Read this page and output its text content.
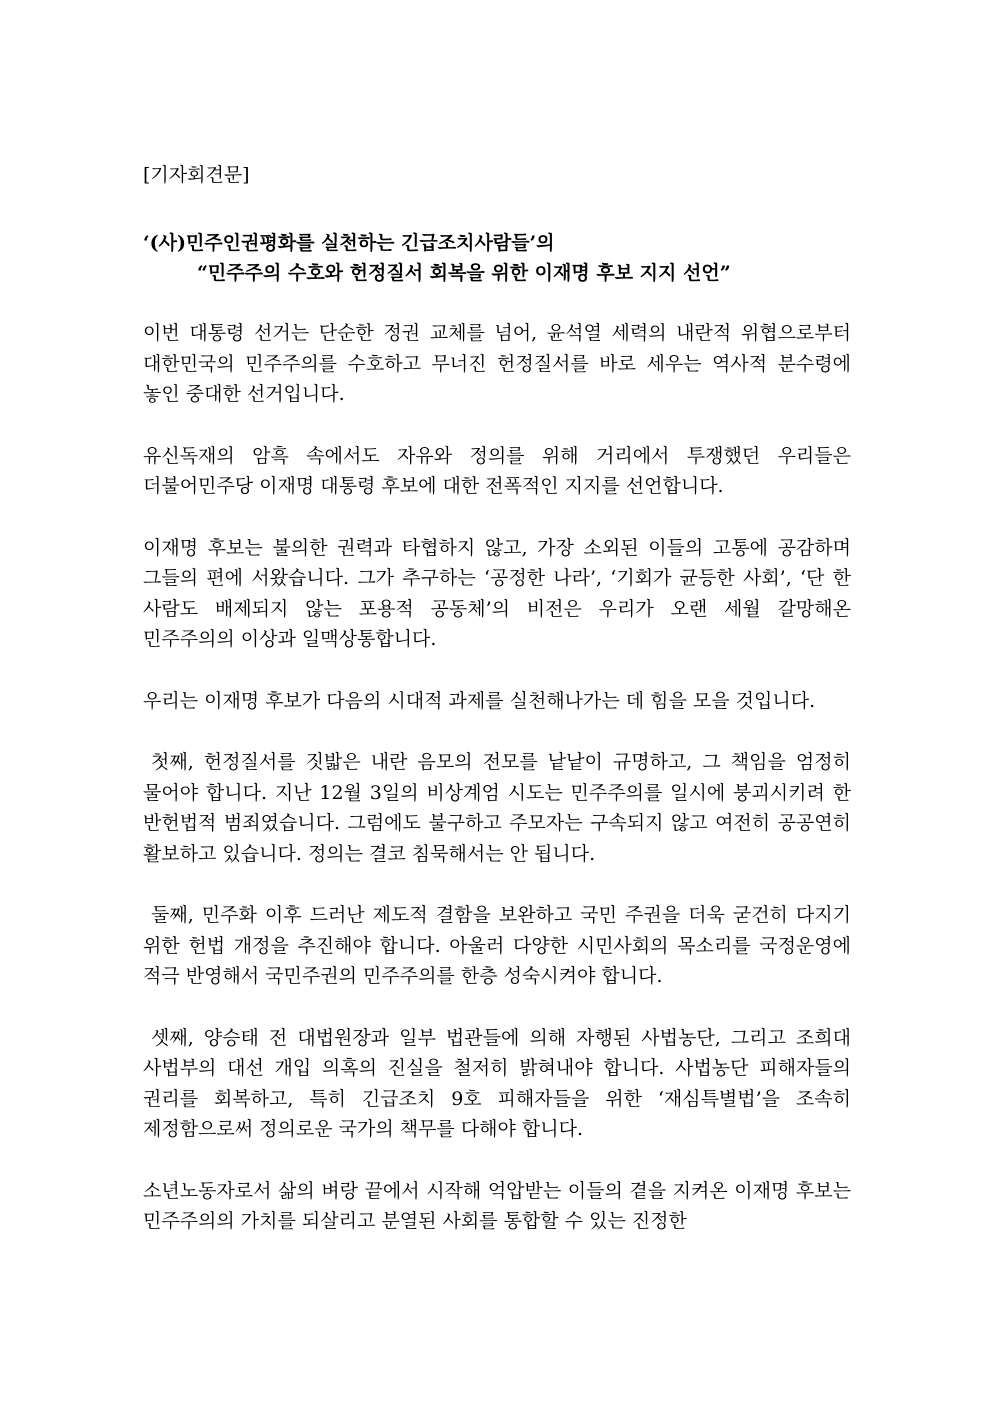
[기자회견문]

‘(사)민주인권평화를 실천하는 긴급조치사람들’의

“민주주의 수호와 헌정질서 회복을 위한 이재명 후보 지지 선언”

이번 대통령 선거는 단순한 정권 교체를 넘어, 윤석열 세력의 내란적 위협으로부터 대한민국의 민주주의를 수호하고 무너진 헌정질서를 바로 세우는 역사적 분수령에 놓인 중대한 선거입니다.

유신독재의 암흑 속에서도 자유와 정의를 위해 거리에서 투쟁했던 우리들은 더불어민주당 이재명 대통령 후보에 대한 전폭적인 지지를 선언합니다.

이재명 후보는 불의한 권력과 타협하지 않고, 가장 소외된 이들의 고통에 공감하며 그들의 편에 서왔습니다. 그가 추구하는 ‘공정한 나라’, ‘기회가 균등한 사회’, ‘단 한 사람도 배제되지 않는 포용적 공동체’의 비전은 우리가 오랜 세월 갈망해온 민주주의의 이상과 일맥상통합니다.

우리는 이재명 후보가 다음의 시대적 과제를 실천해나가는 데 힘을 모을 것입니다.

첫째, 헌정질서를 짓밟은 내란 음모의 전모를 낱낱이 규명하고, 그 책임을 엄정히 물어야 합니다. 지난 12월 3일의 비상계엄 시도는 민주주의를 일시에 붕괴시키려 한 반헌법적 범죄였습니다. 그럼에도 불구하고 주모자는 구속되지 않고 여전히 공공연히 활보하고 있습니다. 정의는 결코 침묵해서는 안 됩니다.

둘째, 민주화 이후 드러난 제도적 결함을 보완하고 국민 주권을 더욱 굳건히 다지기 위한 헌법 개정을 추진해야 합니다. 아울러 다양한 시민사회의 목소리를 국정운영에 적극 반영해서 국민주권의 민주주의를 한층 성숙시켜야 합니다.

셋째, 양승태 전 대법원장과 일부 법관들에 의해 자행된 사법농단, 그리고 조희대 사법부의 대선 개입 의혹의 진실을 철저히 밝혀내야 합니다. 사법농단 피해자들의 권리를 회복하고, 특히 긴급조치 9호 피해자들을 위한 ‘재심특별법’을 조속히 제정함으로써 정의로운 국가의 책무를 다해야 합니다.

소년노동자로서 삶의 벼랑 끝에서 시작해 억압받는 이들의 곁을 지켜온 이재명 후보는 민주주의의 가치를 되살리고 분열된 사회를 통합할 수 있는 진정한
